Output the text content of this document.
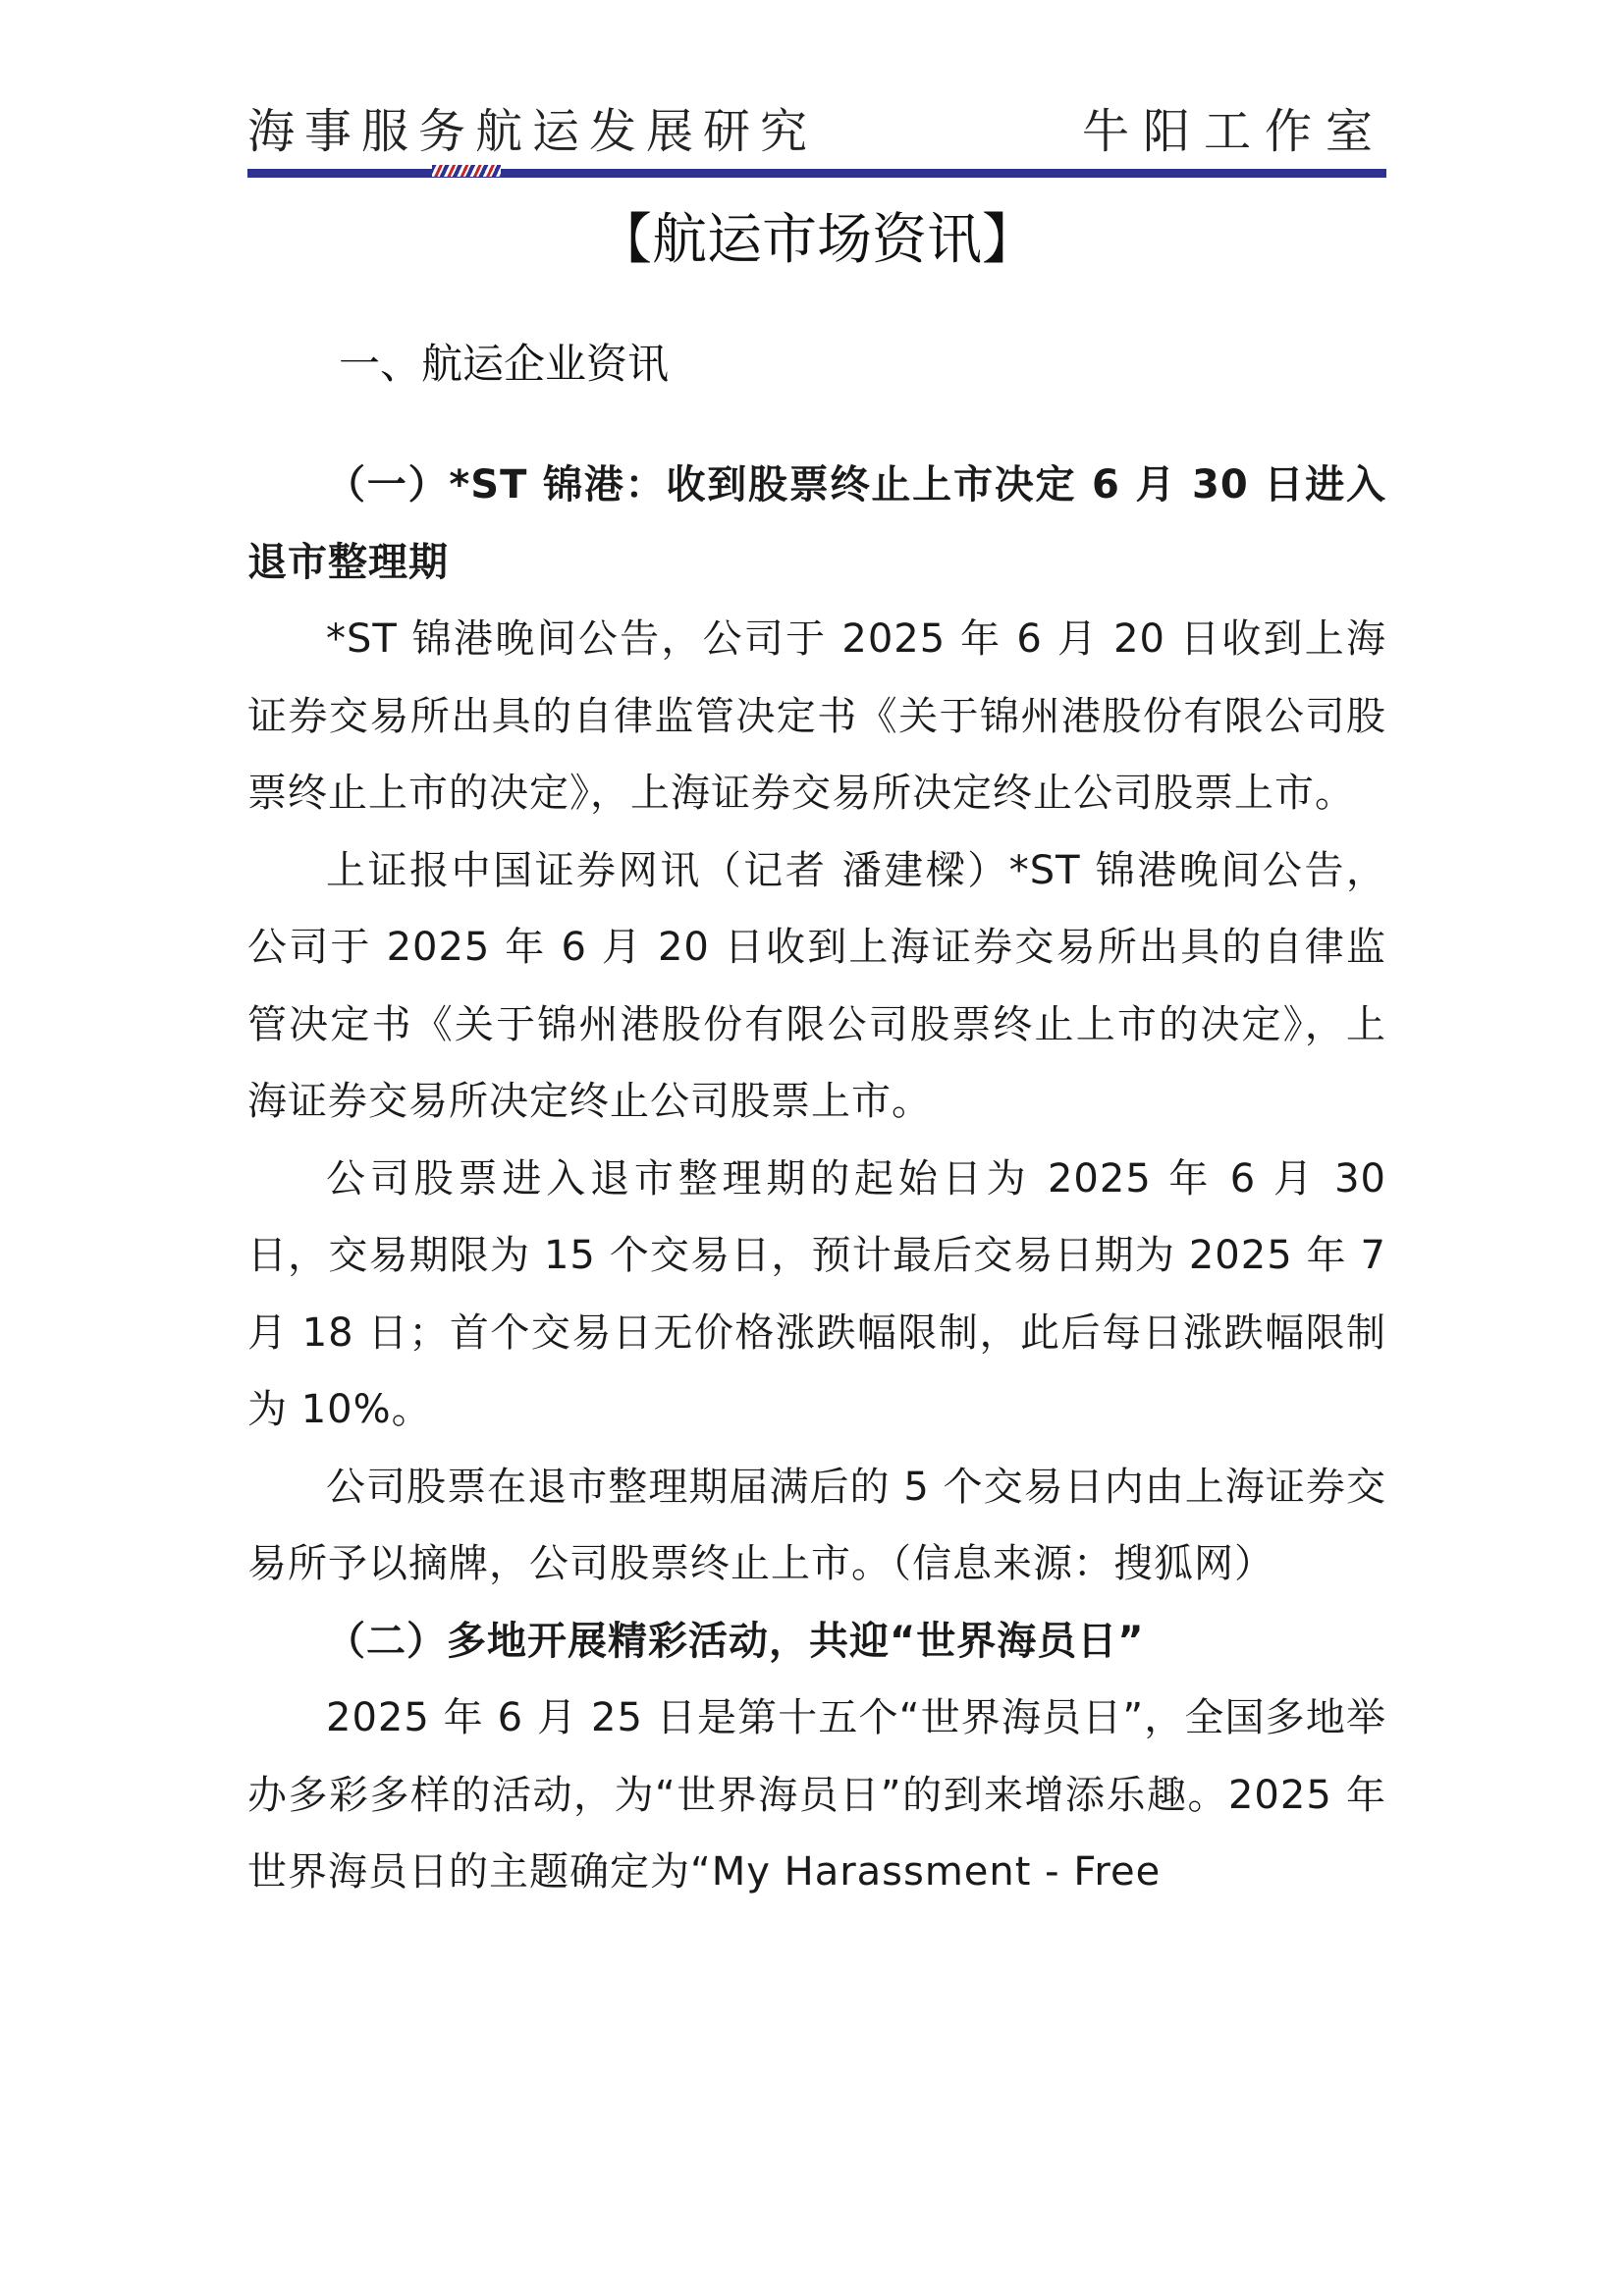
海事服务航运发展研究	牛阳工作室
【航运市场资讯】
一、航运企业资讯

（一）*ST 锦港：收到股票终止上市决定 6 月 30 日进入退市整理期

*ST 锦港晚间公告，公司于 2025 年 6 月 20 日收到上海证券交易所出具的自律监管决定书《关于锦州港股份有限公司股票终止上市的决定》，上海证券交易所决定终止公司股票上市。

上证报中国证券网讯（记者 潘建樑）*ST 锦港晚间公告，公司于 2025 年 6 月 20 日收到上海证券交易所出具的自律监管决定书《关于锦州港股份有限公司股票终止上市的决定》，上海证券交易所决定终止公司股票上市。

公司股票进入退市整理期的起始日为 2025 年 6 月 30 日，交易期限为 15 个交易日，预计最后交易日期为 2025 年 7 月 18 日；首个交易日无价格涨跌幅限制，此后每日涨跌幅限制为 10%。

公司股票在退市整理期届满后的 5 个交易日内由上海证券交易所予以摘牌，公司股票终止上市。（信息来源：搜狐网）

（二）多地开展精彩活动，共迎“世界海员日”

2025 年 6 月 25 日是第十五个“世界海员日”，全国多地举办多彩多样的活动，为“世界海员日”的到来增添乐趣。2025 年世界海员日的主题确定为“My Harassment - Free
